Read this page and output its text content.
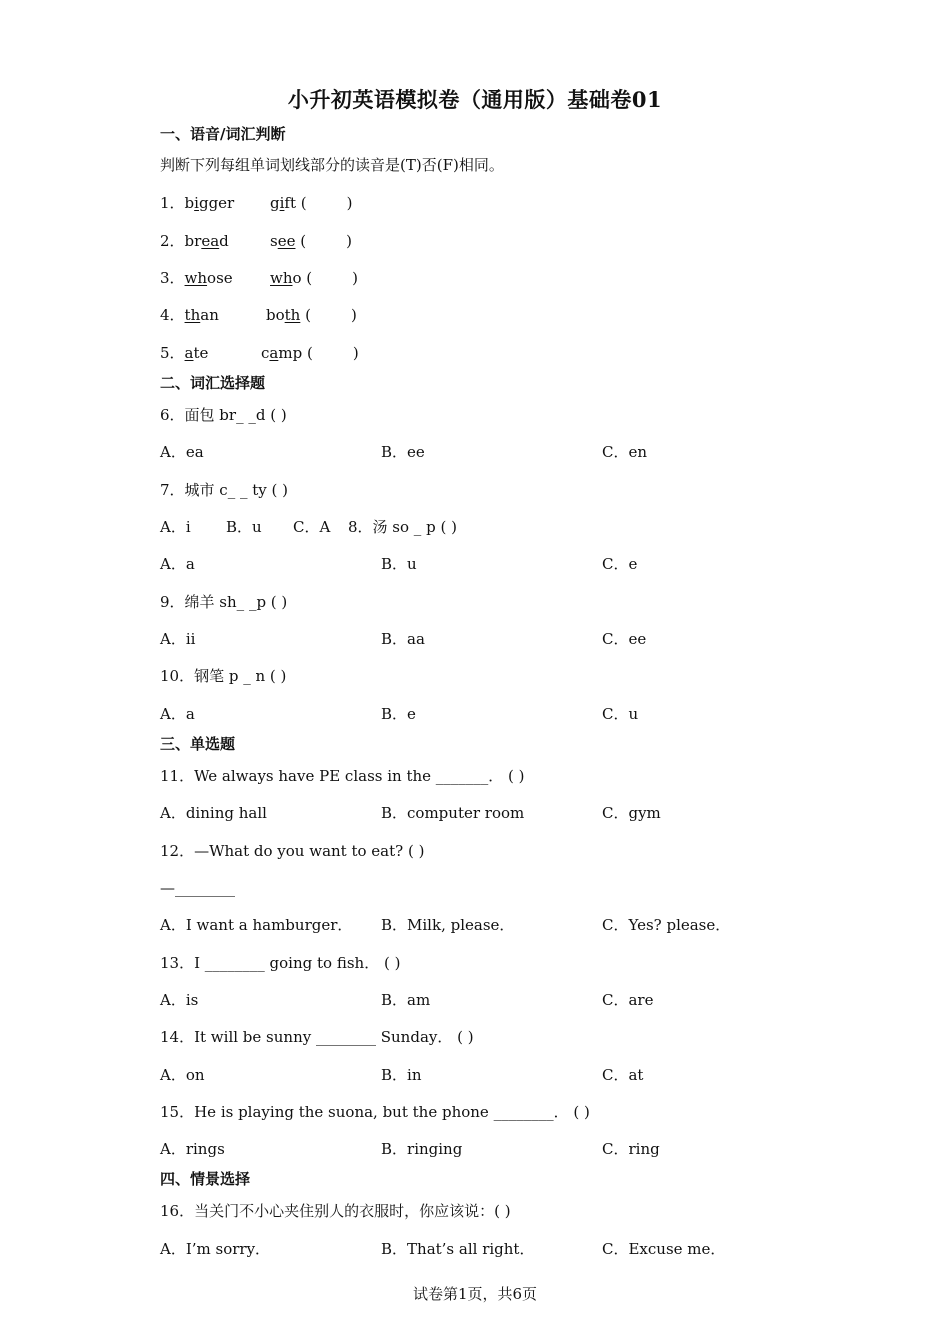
小升初英语模拟卷（通用版）基础卷01
一、语音/词汇判断
判断下列每组单词划线部分的读音是(T)否(F)相同。
1．bigger gift (	)
2．bread	see (	)
3．whose who (	)
4．than	both (	)
5．ate	camp (	)
二、词汇选择题
6．面包 br_ _d ( )
A．ea	B．ee	C．en
7．城市 c_ _ ty ( )
A．i B．u C．A 8．汤 so _ p ( )
A．a	B．u	C．e
9．绵羊 sh_ _p ( )
A．ii	B．aa	C．ee
10．钢笔 p _ n ( )
A．a	B．e	C．u
三、单选题
11．We always have PE class in the _______． ( )
A．dining hall	B．computer room	C．gym
12．—What do you want to eat? ( )
—________
A．I want a hamburger． B．Milk, please．	C．Yes? please．
13．I ________ going to fish． ( )
A．is	B．am	C．are
14．It will be sunny ________ Sunday． ( )
A．on	B．in	C．at
15．He is playing the suona, but the phone ________． ( )
A．rings	B．ringing	C．ring
四、情景选择
16．当关门不小心夹住别人的衣服时，你应该说：( )
A．I’m sorry．	B．That’s all right．	C．Excuse me．
试卷第1页，共6页
